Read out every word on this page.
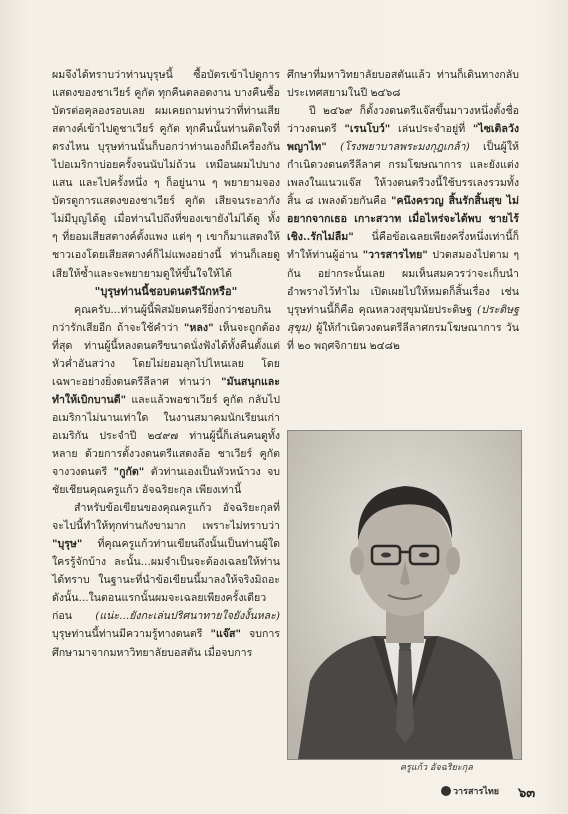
ผมจึงได้ทราบว่าท่านบุรุษนี้ ซื้อบัตรเข้าไปดูการแสดงของชาเวียร์ คูกัต ทุกคืนตลอดงาน บางคืนซื้อบัตรต่อคุลองรอบเลย ผมเคยถามท่านว่าที่ท่านเสียสตางค์เข้าไปดูชาเวียร์ คูกัต ทุกคืนนั้นท่านติดใจที่ตรงไหน บุรุษท่านนั้นก็บอกว่าท่านเองก็มีเครื่องกันไปอเมริกาบ่อยครั้งจนนับไม่ถ้วน เหมือนผมไปบางแสน และไปครั้งหนึ่ง ๆ ก็อยู่นาน ๆ พยายามจองบัตรดูการแสดงของชาเวียร์ คูกัต เสียจนระอากังไม่มีบุญได้ดู เมื่อท่านไปถึงที่ของเขายังไม่ได้ดู ทั้ง ๆ ที่ยอมเสียสตางค์ตั้งแพง แต่ๆ ๆ เขาก็มาแสดงให้ชาวเองโดยเสียสตางค์ก็ไม่แพงอย่างนี้ ท่านก็เลยดูเสียให้ซ้ำและจะพยายามดูให้ขึ้นใจให้ได้

"บุรุษท่านนี้ชอบดนตรีนักหรือ"

คุณครับ...ท่านผู้นี้พิสมัยดนตรียิ่งกว่าชอบกินกว่ารักเสียอีก ถ้าจะใช้คำว่า "หลง" เห็นจะถูกต้องที่สุด ท่านผู้นี้หลงดนตรีขนาดนั่งฟังได้ทั้งคืนตั้งแต่หัวค่ำอันสว่าง โดยไม่ยอมลุกไปไหนเลย โดยเฉพาะอย่างยิ่งดนตรีลีลาศ ท่านว่า "มันสนุกและทำให้เบิกบานดี" และแล้วพอชาเวียร์ คูกัต กลับไปอเมริกาไม่นานเท่าใด ในงานสมาคมนักเรียนเก่าอเมริกัน ประจำปี ๒๔๙๗ ท่านผู้นี้ก็เล่นคนดูทั้งหลาย ด้วยการตั้งวงดนตรีแสดงล้อ ชาเวียร์ คูกัต จางวงดนตรี "กูกัต" ตัวท่านเองเป็นหัวหน้าวง จบชัยเชียนคุณครูแก้ว อัจฉริยะกุล เพียงเท่านี้

สำหรับข้อเขียนของคุณครูแก้ว อัจฉริยะกุลที่จะไปนี้ทำให้ทุกท่านกังขามาก เพราะไม่ทราบว่า "บุรุษ" ที่คุณครูแก้วท่านเขียนถึงนั้นเป็นท่านผู้ใด ใครรู้จักบ้าง ละนั้น...ผมจำเป็นจะต้องเฉลยให้ท่านได้ทราบ ในฐานะที่นำข้อเขียนนี้มาลงให้จริงมิถอะดังนั้น...ในตอนแรกนั้นผมจะเฉลยเพียงครั้งเดียวก่อน (แน่ะ...ยังกะเล่นปริศนาทายใจยังงั้นหละ) บุรุษท่านนี้ท่านมีความรู้ทางดนตรี "แจ๊ส" จบการศึกษามาจากมหาวิทยาลัยบอสตัน เมื่อจบการ

ศึกษาที่มหาวิทยาลัยบอสตันแล้ว ท่านก็เดินทางกลับประเทศสยามในปี ๒๔๖๘

ปี ๒๔๖๙ ก็ตั้งวงดนตรีแจ๊สขึ้นมาวงหนึ่งตั้งชื่อว่าวงดนตรี "เรนโบว์" เล่นประจำอยู่ที่ "ไซเติลวังพญาไท" (โรงพยาบาลพระมงกุฎเกล้า) เป็นผู้ให้กำเนิดวงดนตรีลีลาศ กรมโฆษณาการ และยังแต่งเพลงในแนวแจ๊ส ให้วงดนตรีวงนี้ใช้บรรเลงรวมทั้งสิ้น ๘ เพลงด้วยกันคือ "คนึงครวญ สิ้นรักสิ้นสุข ไม่อยากจากเธอ เกาะสวาท เมื่อไหร่จะได้พบ ชายไร้เชิง..รักไม่ลืม" นี่คือข้อเฉลยเพียงครึ่งหนึ่งเท่านี้ก็ทำให้ท่านผู้อ่าน "วารสารไทย" ปวดสมองไปตาม ๆ กัน อย่ากระนั้นเลย ผมเห็นสมควรว่าจะเก็บนำอำพรางไว้ทำไม เปิดเผยไปให้หมดก็สิ้นเรื่อง เช่น บุรุษท่านนี้ก็คือ คุณหลวงสุขุมนัยประดิษฐ (ประดิษฐ สุขุม) ผู้ให้กำเนิดวงดนตรีลีลาศกรมโฆษณาการ วันที่ ๒๐ พฤศจิกายน ๒๔๘๒

ครูแก้ว อัจฉริยะกุล
วารสารไทย ๖๓
